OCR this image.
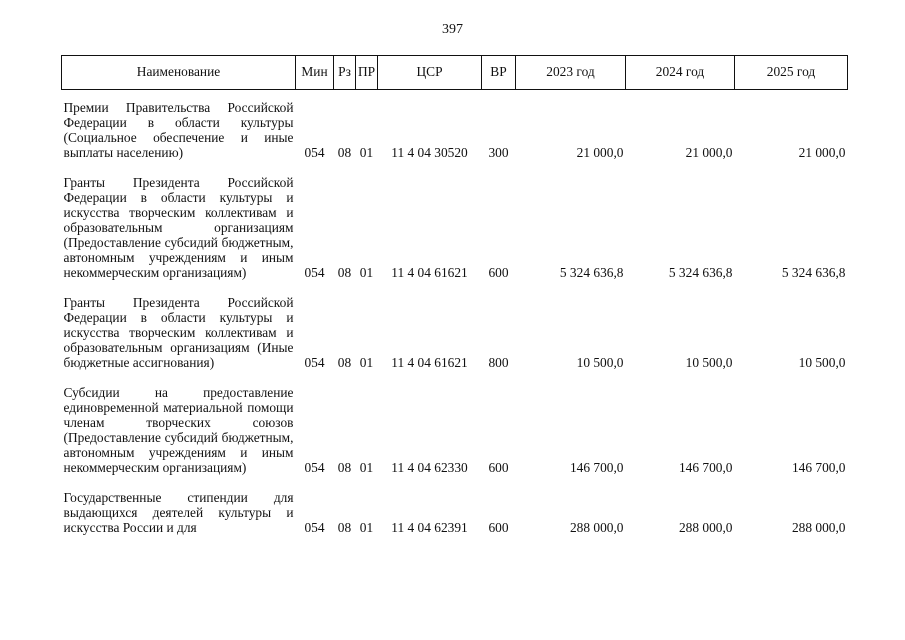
397
Наименование	Мин	Рз	ПР	ЦСР	ВР	2023 год	2024 год	2025 год
Премии Правительства Российской Федерации в области культуры (Социальное обеспечение и иные выплаты населению)	054	08	01	11 4 04 30520	300	21 000,0	21 000,0	21 000,0
Гранты Президента Российской Федерации в области культуры и искусства творческим коллективам и образовательным организациям (Предоставление субсидий бюджетным, автономным учреждениям и иным некоммерческим организациям)	054	08	01	11 4 04 61621	600	5 324 636,8	5 324 636,8	5 324 636,8
Гранты Президента Российской Федерации в области культуры и искусства творческим коллективам и образовательным организациям (Иные бюджетные ассигнования)	054	08	01	11 4 04 61621	800	10 500,0	10 500,0	10 500,0
Субсидии на предоставление единовременной материальной помощи членам творческих союзов (Предоставление субсидий бюджетным, автономным учреждениям и иным некоммерческим организациям)	054	08	01	11 4 04 62330	600	146 700,0	146 700,0	146 700,0
Государственные стипендии для выдающихся деятелей культуры и искусства России и для	054	08	01	11 4 04 62391	600	288 000,0	288 000,0	288 000,0
